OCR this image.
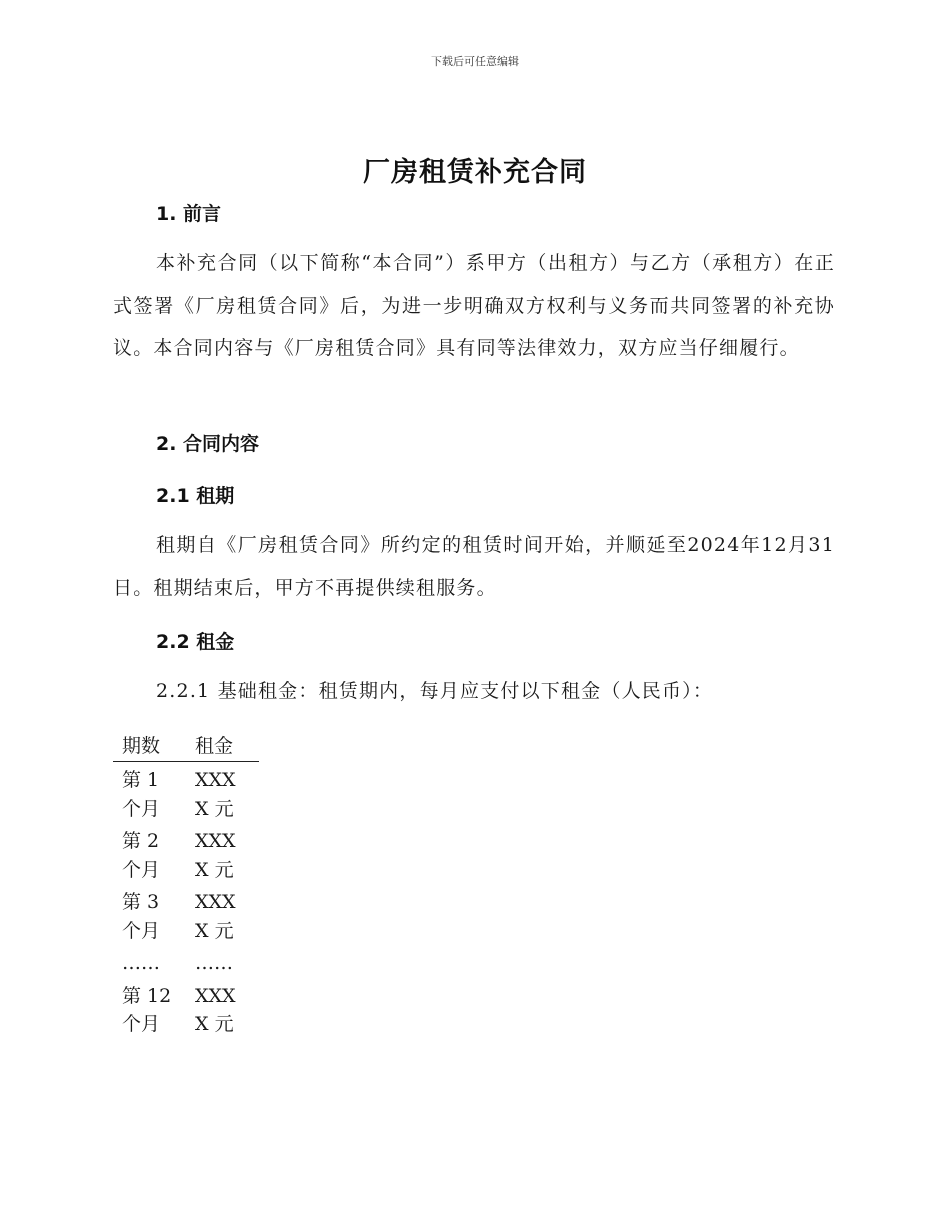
下载后可任意编辑
厂房租赁补充合同
1. 前言
本补充合同（以下简称“本合同”）系甲方（出租方）与乙方（承租方）在正式签署《厂房租赁合同》后，为进一步明确双方权利与义务而共同签署的补充协议。本合同内容与《厂房租赁合同》具有同等法律效力，双方应当仔细履行。
2. 合同内容
2.1 租期
租期自《厂房租赁合同》所约定的租赁时间开始，并顺延至2024年12月31日。租期结束后，甲方不再提供续租服务。
2.2 租金
2.2.1 基础租金：租赁期内，每月应支付以下租金（人民币）：
期数	租金
第 1
个月
XXX
X 元
第 2
个月
XXX
X 元
第 3
个月
XXX
X 元
……	……
第 12
个月
XXX
X 元
